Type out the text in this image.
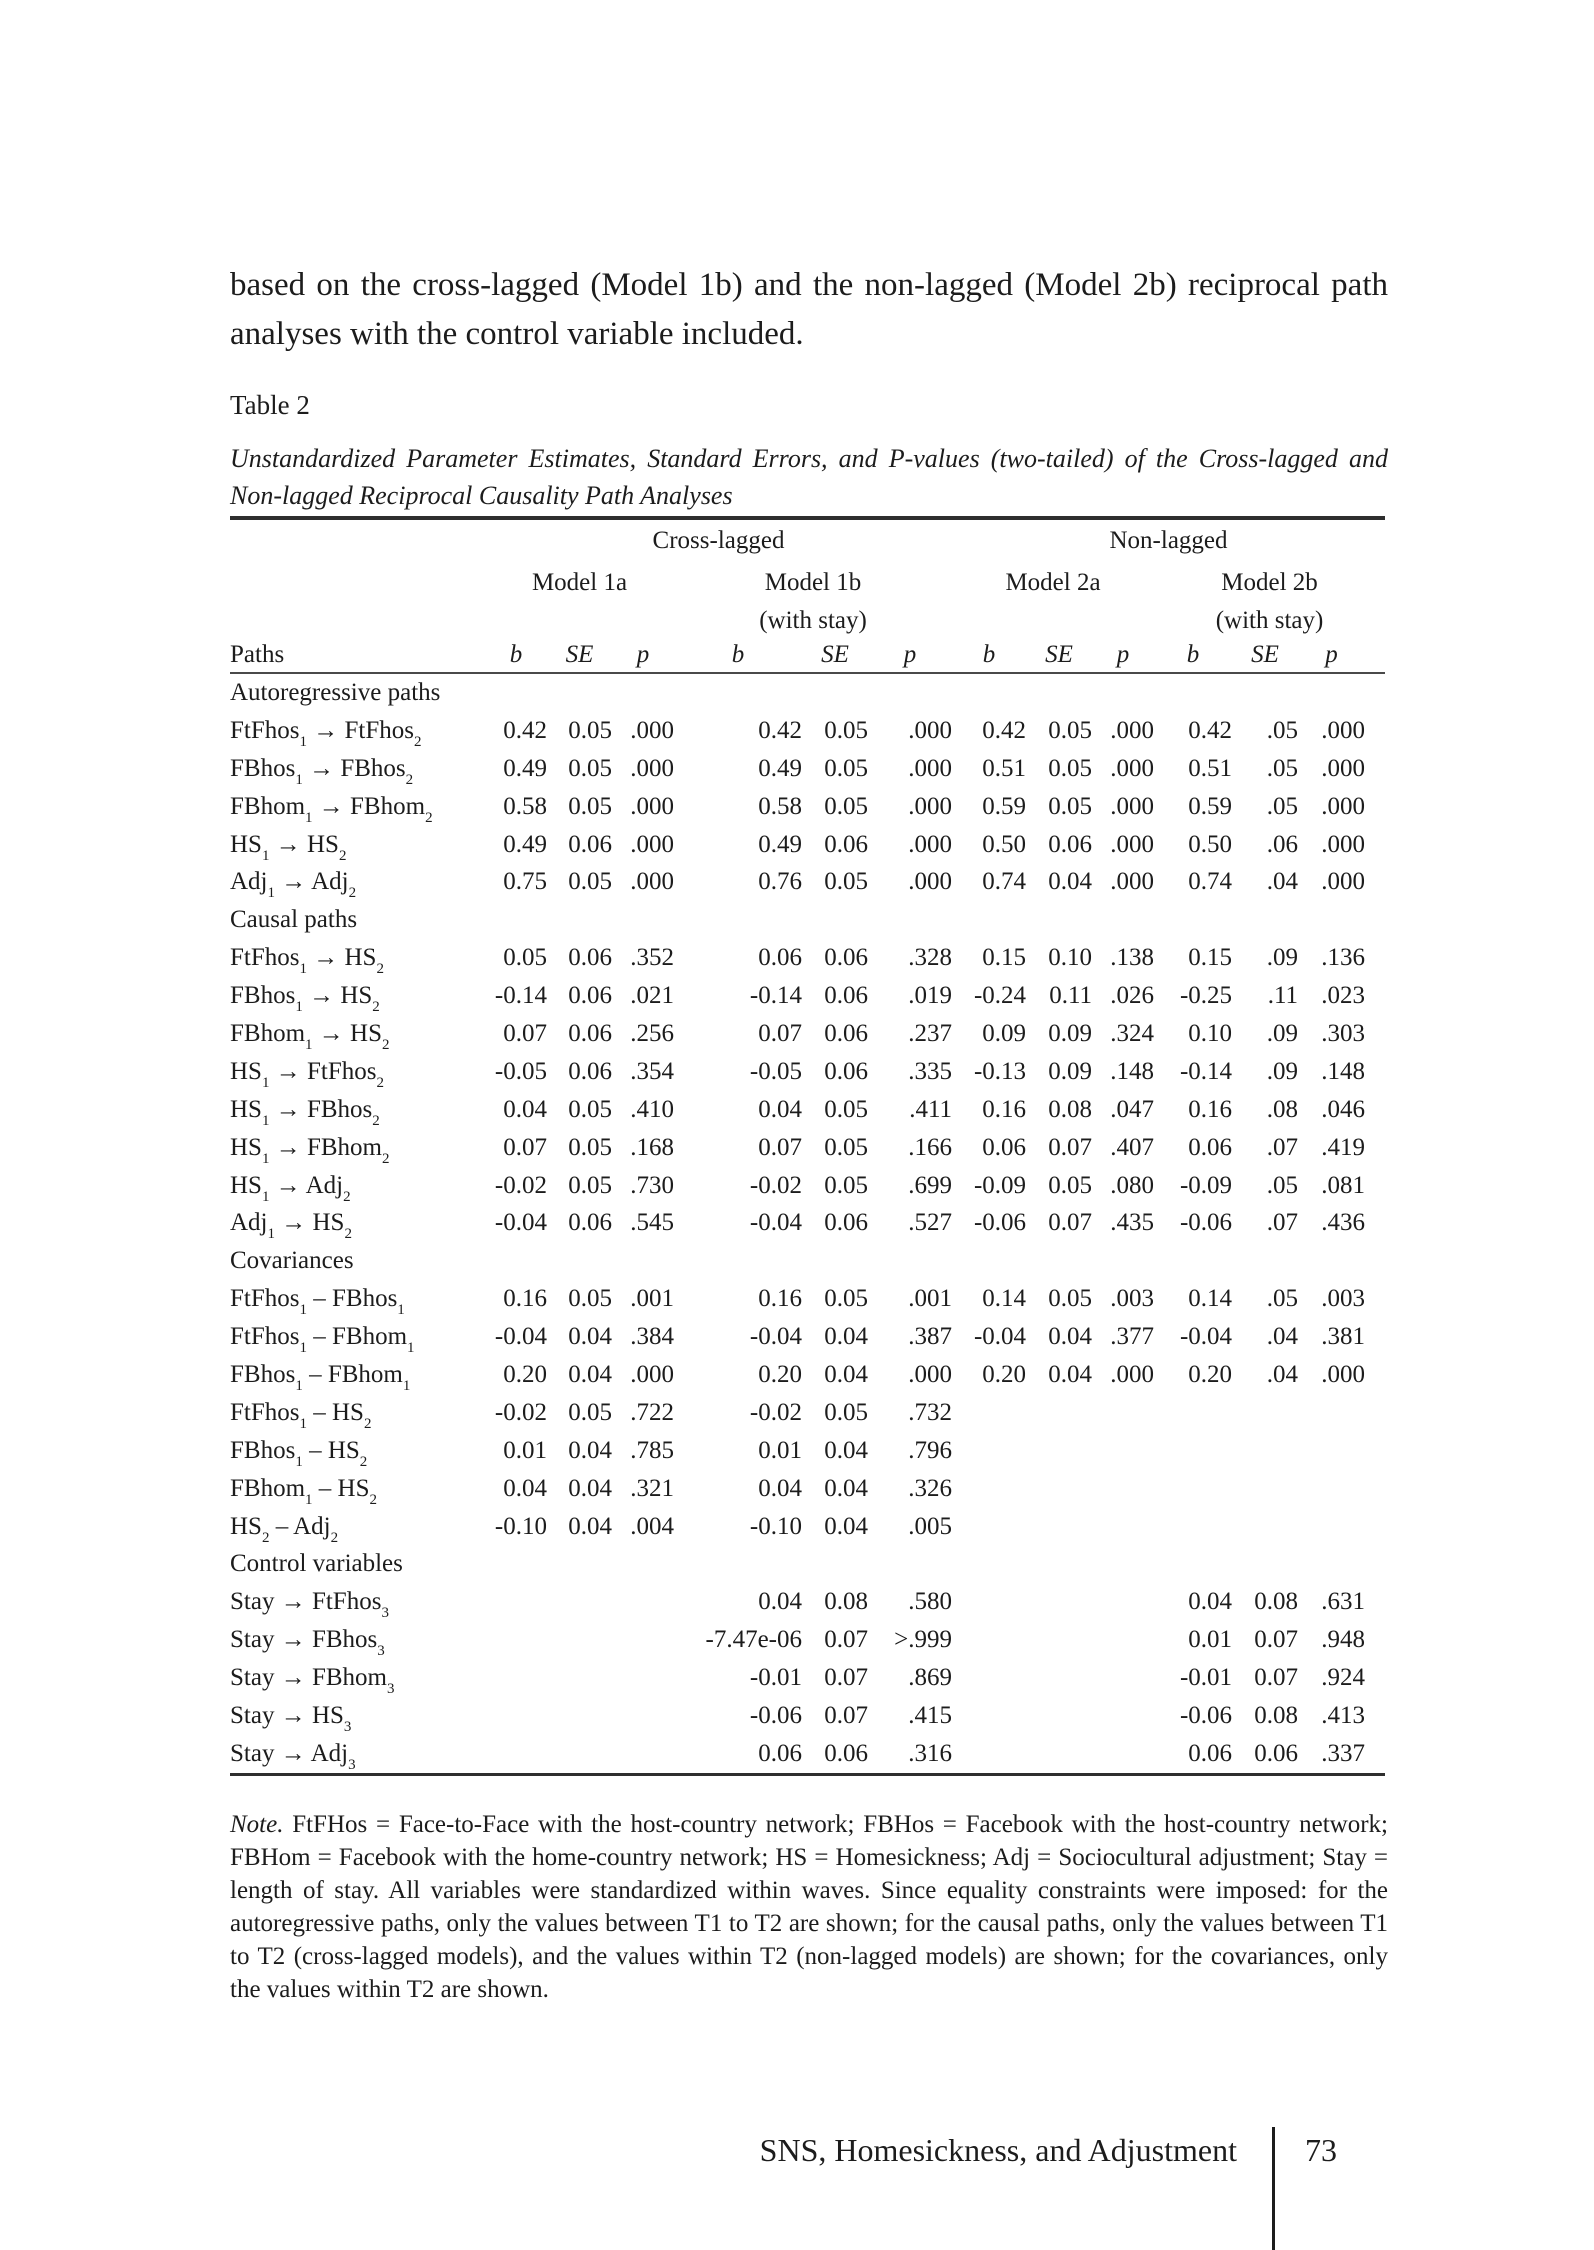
based on the cross-lagged (Model 1b) and the non-lagged (Model 2b) reciprocal path analyses with the control variable included.

Table 2
Unstandardized Parameter Estimates, Standard Errors, and P-values (two-tailed) of the Cross-lagged and Non-lagged Reciprocal Causality Path Analyses
	Cross-lagged						Non-lagged					
	Model 1a			Model 1b			Model 2a			Model 2b		
				(with stay)						(with stay)		
Paths	b	SE	p	b	SE	p	b	SE	p	b	SE	p
Autoregressive paths												
FtFhos$_1$ → FtFhos$_2$	0.42	0.05	.000	0.42	0.05	.000	0.42	0.05	.000	0.42	.05	.000
FBhos$_1$ → FBhos$_2$	0.49	0.05	.000	0.49	0.05	.000	0.51	0.05	.000	0.51	.05	.000
FBhom$_1$ → FBhom$_2$	0.58	0.05	.000	0.58	0.05	.000	0.59	0.05	.000	0.59	.05	.000
$HS_1 \to HS_2$	0.49	0.06	.000	0.49	0.06	.000	0.50	0.06	.000	0.50	.06	.000
Adj$_1$ → Adj$_2$	0.75	0.05	.000	0.76	0.05	.000	0.74	0.04	.000	0.74	.04	.000
Causal paths												
FtFhos$_1$ → $HS_2$	0.05	0.06	.352	0.06	0.06	.328	0.15	0.10	.138	0.15	.09	.136
FBhos$_1$ → $HS_2$	-0.14	0.06	.021	-0.14	0.06	.019	-0.24	0.11	.026	-0.25	.11	.023
FBhom$_1$ → $HS_2$	0.07	0.06	.256	0.07	0.06	.237	0.09	0.09	.324	0.10	.09	.303
$HS_1$ → FtFhos$_2$	-0.05	0.06	.354	-0.05	0.06	.335	-0.13	0.09	.148	-0.14	.09	.148
$HS_1$ → FBhos$_2$	0.04	0.05	.410	0.04	0.05	.411	0.16	0.08	.047	0.16	.08	.046
$HS_1$ → FBhom$_2$	0.07	0.05	.168	0.07	0.05	.166	0.06	0.07	.407	0.06	.07	.419
$HS_1 \to Adj_2$	-0.02	0.05	.730	-0.02	0.05	.699	-0.09	0.05	.080	-0.09	.05	.081
$Adj_1 \to HS_2$	-0.04	0.06	.545	-0.04	0.06	.527	-0.06	0.07	.435	-0.06	.07	.436
Covariances												
FtFhos$_1$ – FBhos$_1$	0.16	0.05	.001	0.16	0.05	.001	0.14	0.05	.003	0.14	.05	.003
FtFhos$_1$ – FBhom$_1$	-0.04	0.04	.384	-0.04	0.04	.387	-0.04	0.04	.377	-0.04	.04	.381
FBhos$_1$ – FBhom$_1$	0.20	0.04	.000	0.20	0.04	.000	0.20	0.04	.000	0.20	.04	.000
FtFhos$_1$ – $HS_2$	-0.02	0.05	.722	-0.02	0.05	.732						
FBhos$_1$ – $HS_2$	0.01	0.04	.785	0.01	0.04	.796						
FBhom$_1$ – $HS_2$	0.04	0.04	.321	0.04	0.04	.326						
$HS_2 - Adj_2$	-0.10	0.04	.004	-0.10	0.04	.005						
Control variables												
Stay → FtFhos$_3$				0.04	0.08	.580				0.04	0.08	.631
Stay → FBhos$_3$				-7.47e-06	0.07	>.999				0.01	0.07	.948
Stay → FBhom$_3$				-0.01	0.07	.869				-0.01	0.07	.924
Stay → $HS_3$				-0.06	0.07	.415				-0.06	0.08	.413
Stay → Adj$_3$				0.06	0.06	.316				0.06	0.06	.337

Note. FtFHos = Face-to-Face with the host-country network; FBHos = Facebook with the host-country network; FBHom = Facebook with the home-country network; HS = Homesickness; Adj = Sociocultural adjustment; Stay = length of stay. All variables were standardized within waves. Since equality constraints were imposed: for the autoregressive paths, only the values between T1 to T2 are shown; for the causal paths, only the values between T1 to T2 (cross-lagged models), and the values within T2 (non-lagged models) are shown; for the covariances, only the values within T2 are shown.

SNS, Homesickness, and Adjustment 73
